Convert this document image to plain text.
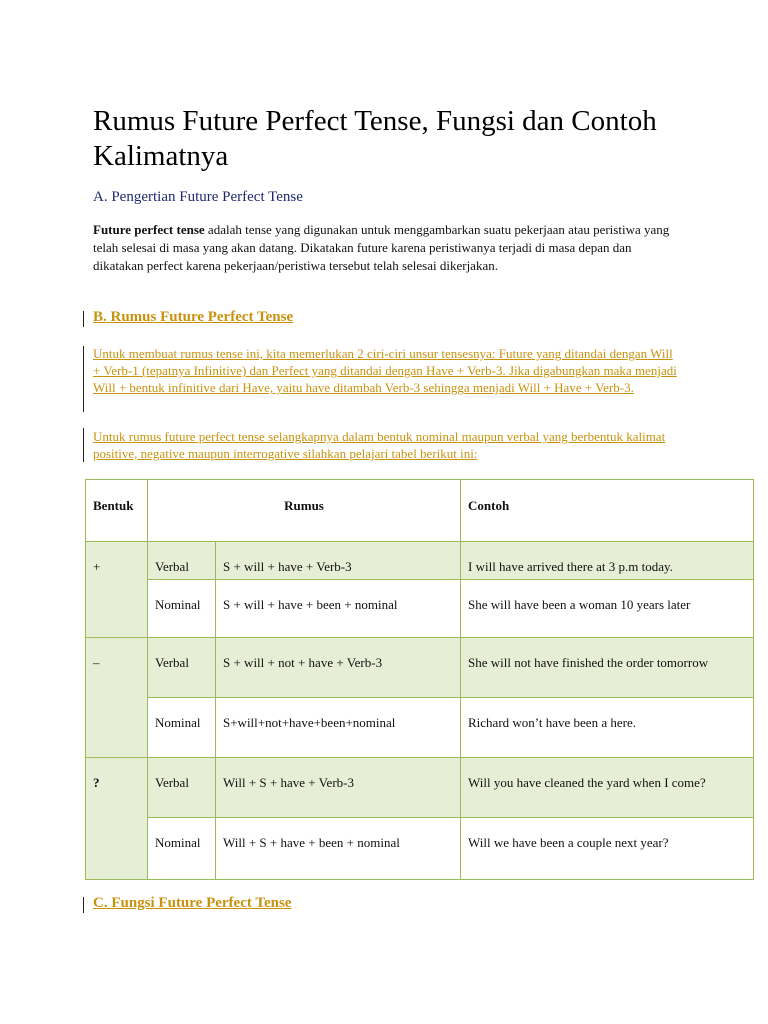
Rumus Future Perfect Tense, Fungsi dan Contoh Kalimatnya
A. Pengertian Future Perfect Tense

Future perfect tense adalah tense yang digunakan untuk menggambarkan suatu pekerjaan atau peristiwa yang telah selesai di masa yang akan datang. Dikatakan future karena peristiwanya terjadi di masa depan dan dikatakan perfect karena pekerjaan/peristiwa tersebut telah selesai dikerjakan.

B. Rumus Future Perfect Tense

Untuk membuat rumus tense ini, kita memerlukan 2 ciri-ciri unsur tensesnya: Future yang ditandai dengan Will + Verb-1 (tepatnya Infinitive) dan Perfect yang ditandai dengan Have + Verb-3. Jika digabungkan maka menjadi Will + bentuk infinitive dari Have, yaitu have ditambah Verb-3 sehingga menjadi Will + Have + Verb-3.

Untuk rumus future perfect tense selangkapnya dalam bentuk nominal maupun verbal yang berbentuk kalimat positive, negative maupun interrogative silahkan pelajari tabel berikut ini:

Bentuk	Rumus		Contoh
+	Verbal	S + will + have + Verb-3	I will have arrived there at 3 p.m today.
	Nominal	S + will + have + been + nominal	She will have been a woman 10 years later
–	Verbal	S + will + not + have + Verb-3	She will not have finished the order tomorrow
	Nominal	S+will+not+have+been+nominal	Richard won’t have been a here.
?	Verbal	Will + S + have + Verb-3	Will you have cleaned the yard when I come?
	Nominal	Will + S + have + been + nominal	Will we have been a couple next year?
C. Fungsi Future Perfect Tense
